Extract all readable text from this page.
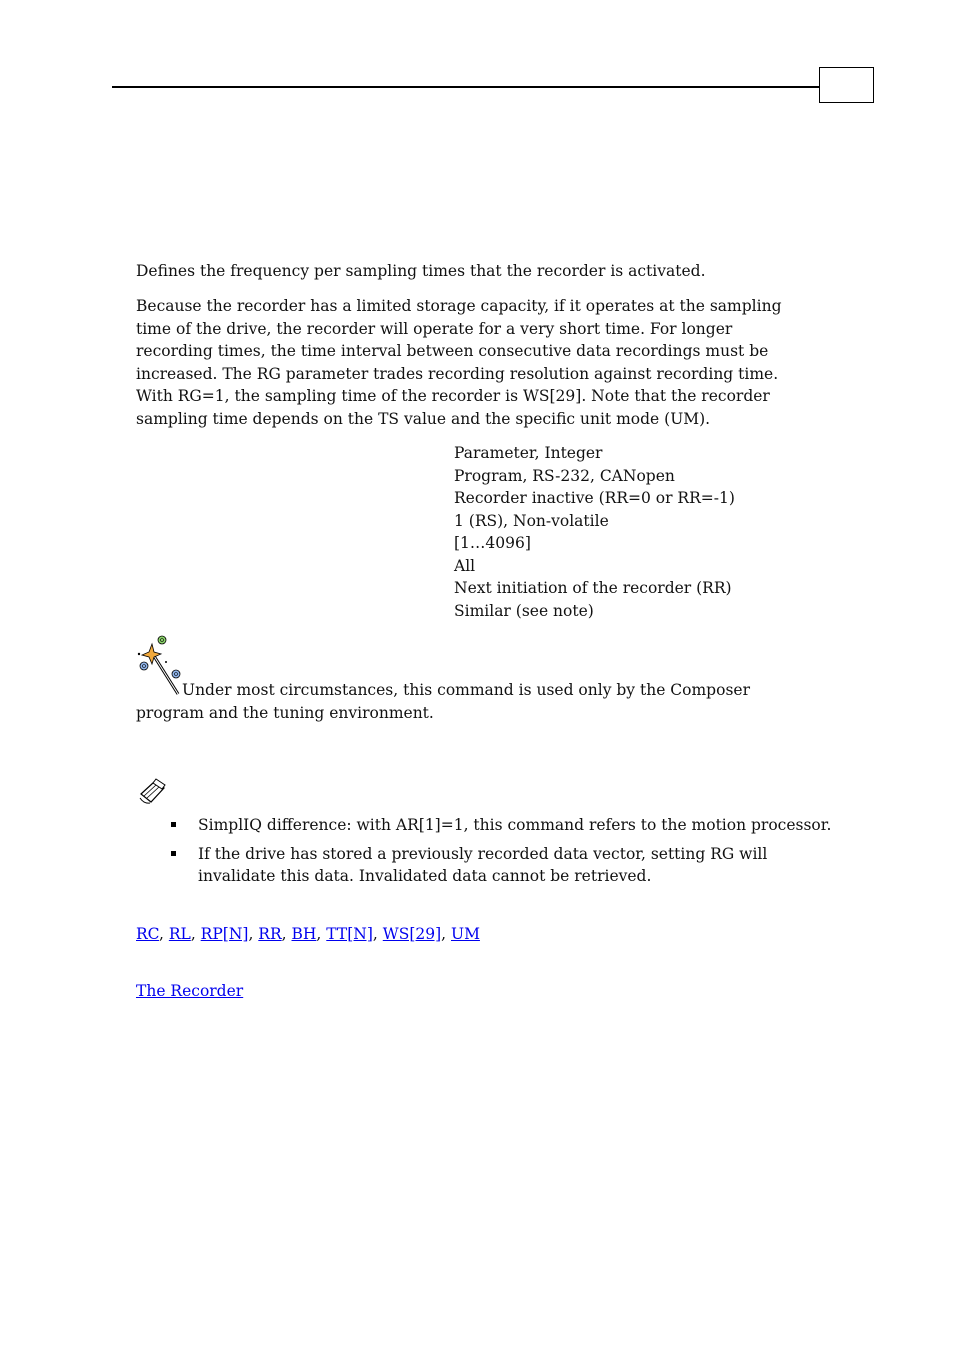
Defines the frequency per sampling times that the recorder is activated.

Because the recorder has a limited storage capacity, if it operates at the sampling time of the drive, the recorder will operate for a very short time. For longer recording times, the time interval between consecutive data recordings must be increased. The RG parameter trades recording resolution against recording time. With RG=1, the sampling time of the recorder is WS[29]. Note that the recorder sampling time depends on the TS value and the specific unit mode (UM).

Parameter, Integer
Program, RS-232, CANopen
Recorder inactive (RR=0 or RR=-1)
1 (RS), Non-volatile
[1…4096]
All
Next initiation of the recorder (RR)
Similar (see note)

Under most circumstances, this command is used only by the Composer program and the tuning environment.

SimplIQ difference: with AR[1]=1, this command refers to the motion processor.
If the drive has stored a previously recorded data vector, setting RG will invalidate this data. Invalidated data cannot be retrieved.
RC, RL, RP[N], RR, BH, TT[N], WS[29], UM
The Recorder
